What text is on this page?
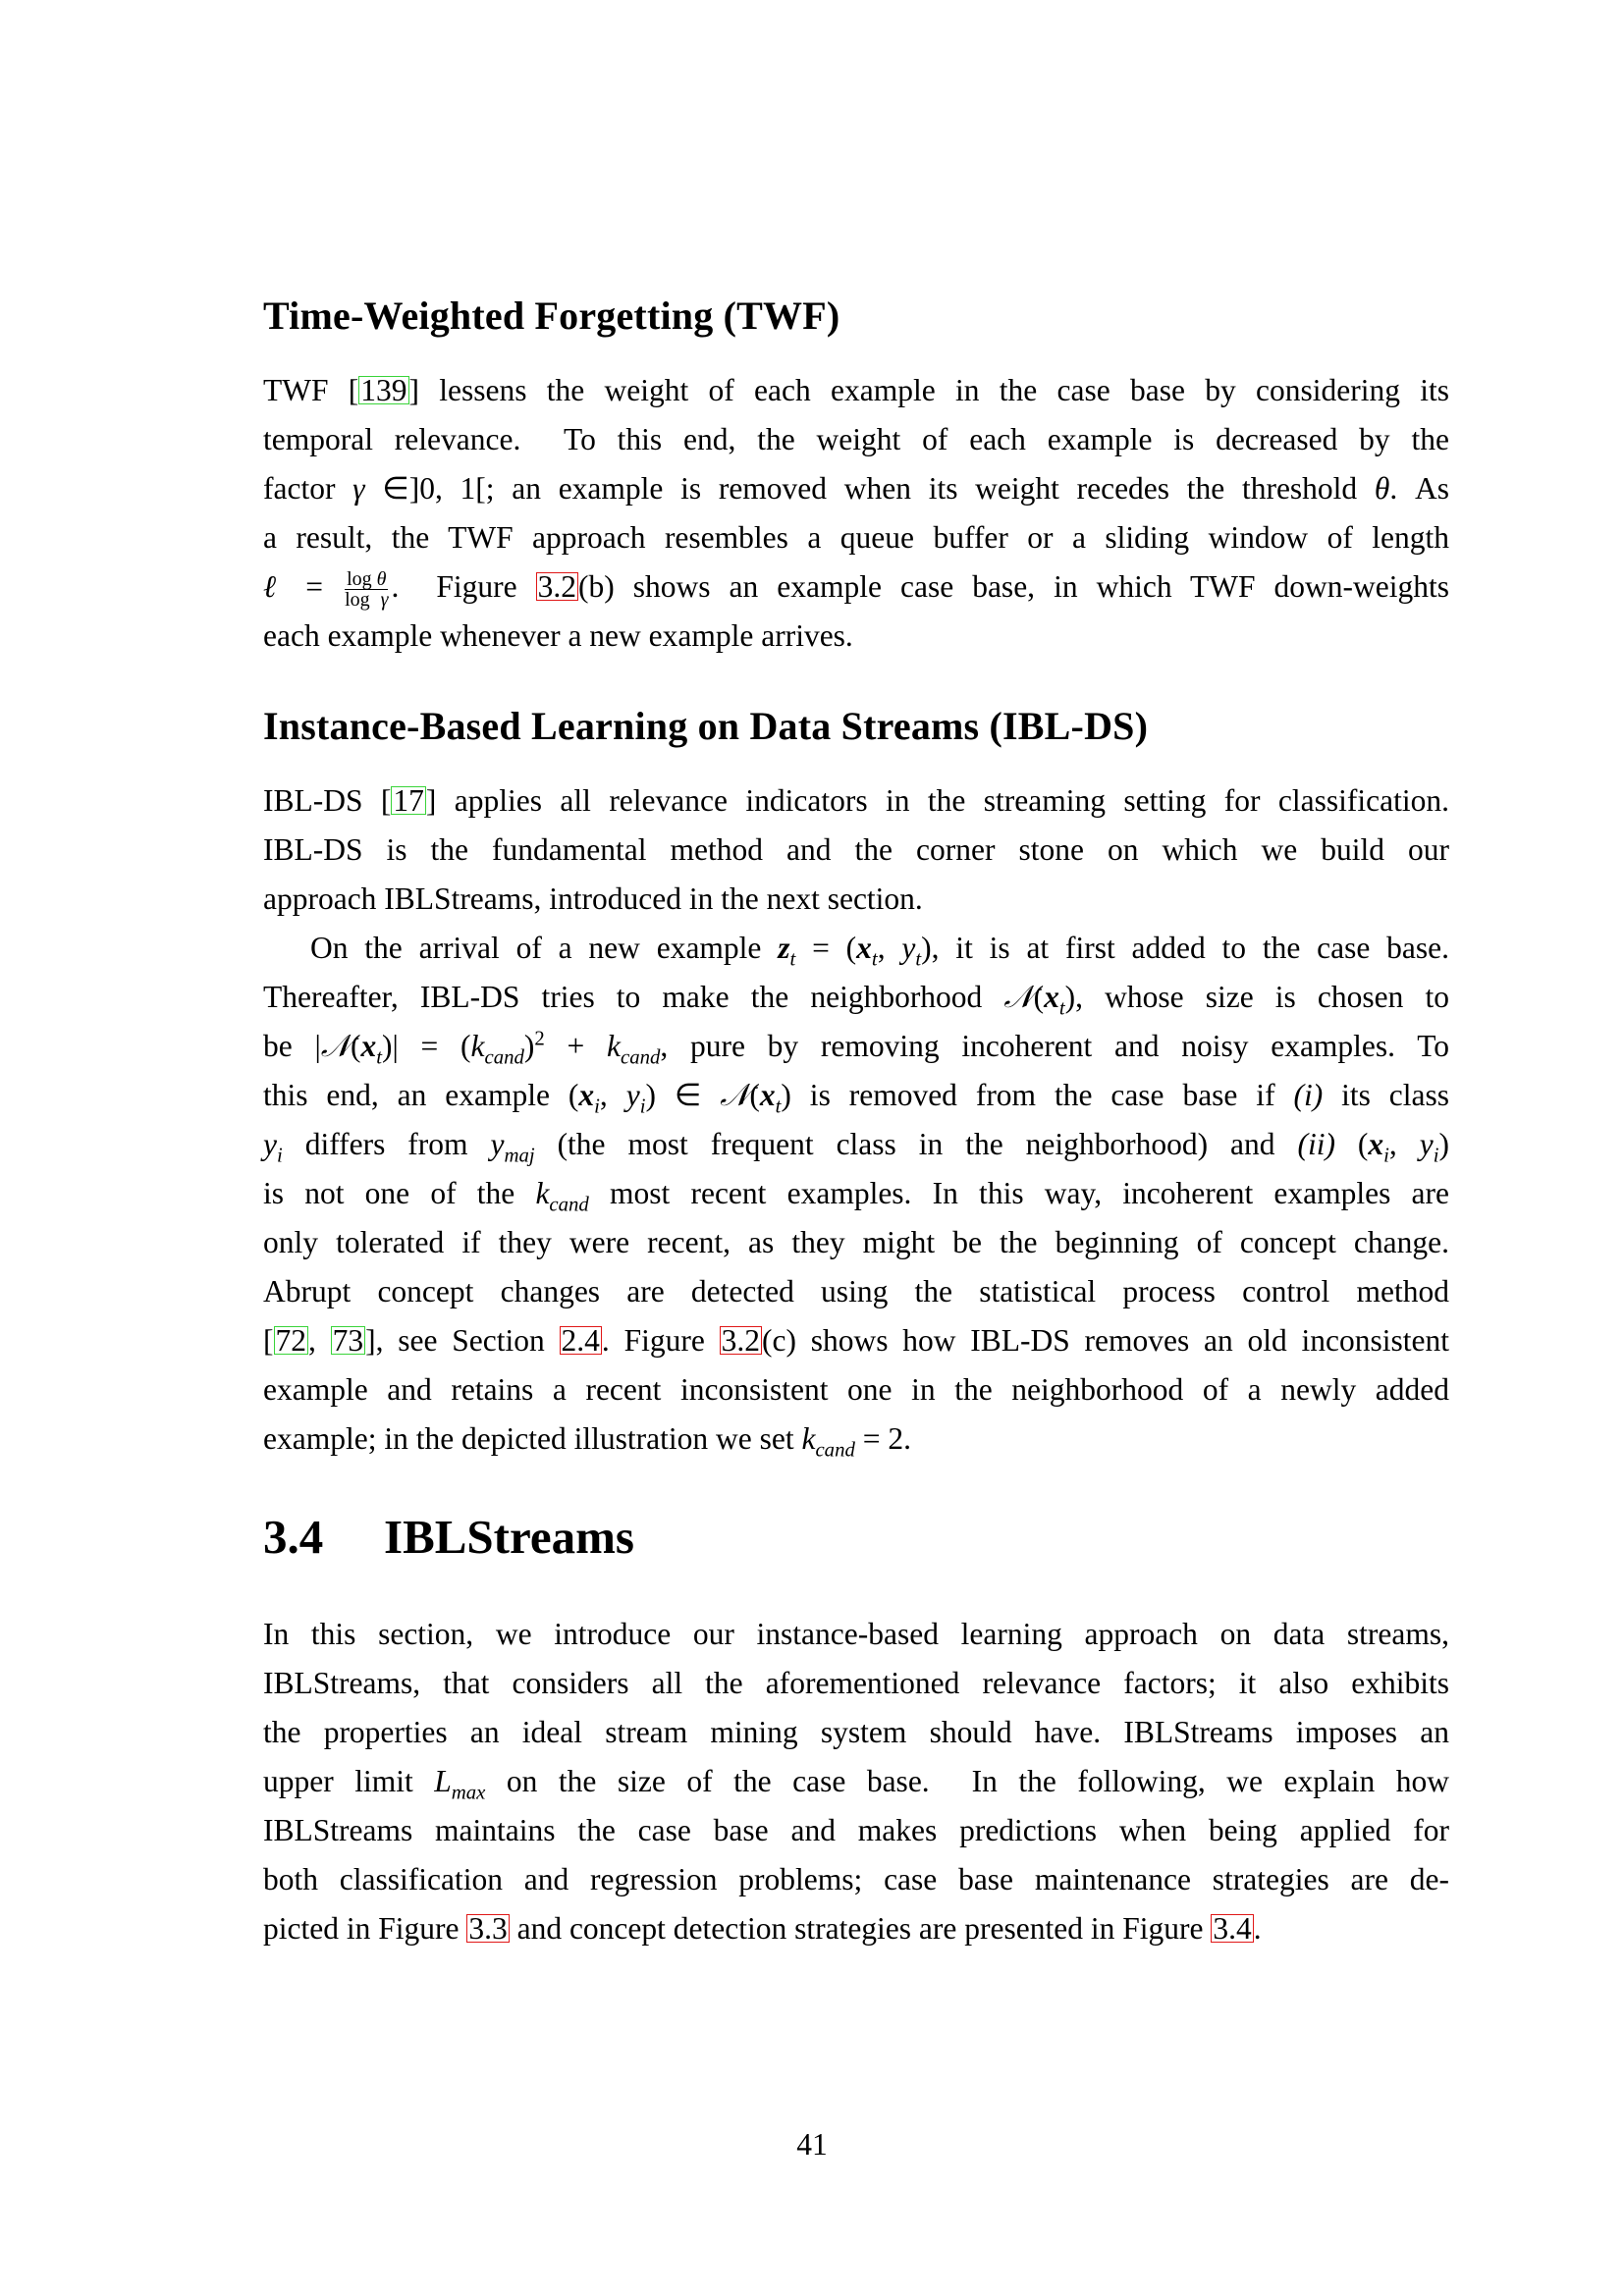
Time-Weighted Forgetting (TWF)
TWF [139] lessens the weight of each example in the case base by considering its
temporal relevance.  To this end, the weight of each example is decreased by the
factor γ ∈]0, 1[; an example is removed when its weight recedes the threshold θ. As
a result, the TWF approach resembles a queue buffer or a sliding window of length
ℓ = $\frac{\text{log θ}}{\text{log γ}}$ .  Figure 3.2(b) shows an example case base, in which TWF down-weights
each example whenever a new example arrives.
Instance-Based Learning on Data Streams (IBL-DS)
IBL-DS [17] applies all relevance indicators in the streaming setting for classification.
IBL-DS is the fundamental method and the corner stone on which we build our
approach IBLStreams, introduced in the next section.
On the arrival of a new example $z_t = (x_t$, $y_t$), it is at first added to the case base.
Thereafter, IBL-DS tries to make the neighborhood $𝒩(x_t)$, whose size is chosen to
be $|𝒩(x_t)| = (k_{cand})^2 + k_{cand}$, pure by removing incoherent and noisy examples. To
this end, an example ($x_i$, $y_i$) ∈ $𝒩(x_t)$ is removed from the case base if (i) its class
$y_i$ differs from $y_{maj}$ (the most frequent class in the neighborhood) and (ii) ($x_i$, $y_i$)
is not one of the $k_{cand}$ most recent examples. In this way, incoherent examples are
only tolerated if they were recent, as they might be the beginning of concept change.
Abrupt concept changes are detected using the statistical process control method
[72, 73], see Section 2.4. Figure 3.2(c) shows how IBL-DS removes an old inconsistent
example and retains a recent inconsistent one in the neighborhood of a newly added
example; in the depicted illustration we set $k_{cand} = 2$.
3.4 IBLStreams
In this section, we introduce our instance-based learning approach on data streams,
IBLStreams, that considers all the aforementioned relevance factors; it also exhibits
the properties an ideal stream mining system should have. IBLStreams imposes an
upper limit $L_{max}$ on the size of the case base.  In the following, we explain how
IBLStreams maintains the case base and makes predictions when being applied for
both classification and regression problems; case base maintenance strategies are de-
picted in Figure 3.3 and concept detection strategies are presented in Figure 3.4.
41
